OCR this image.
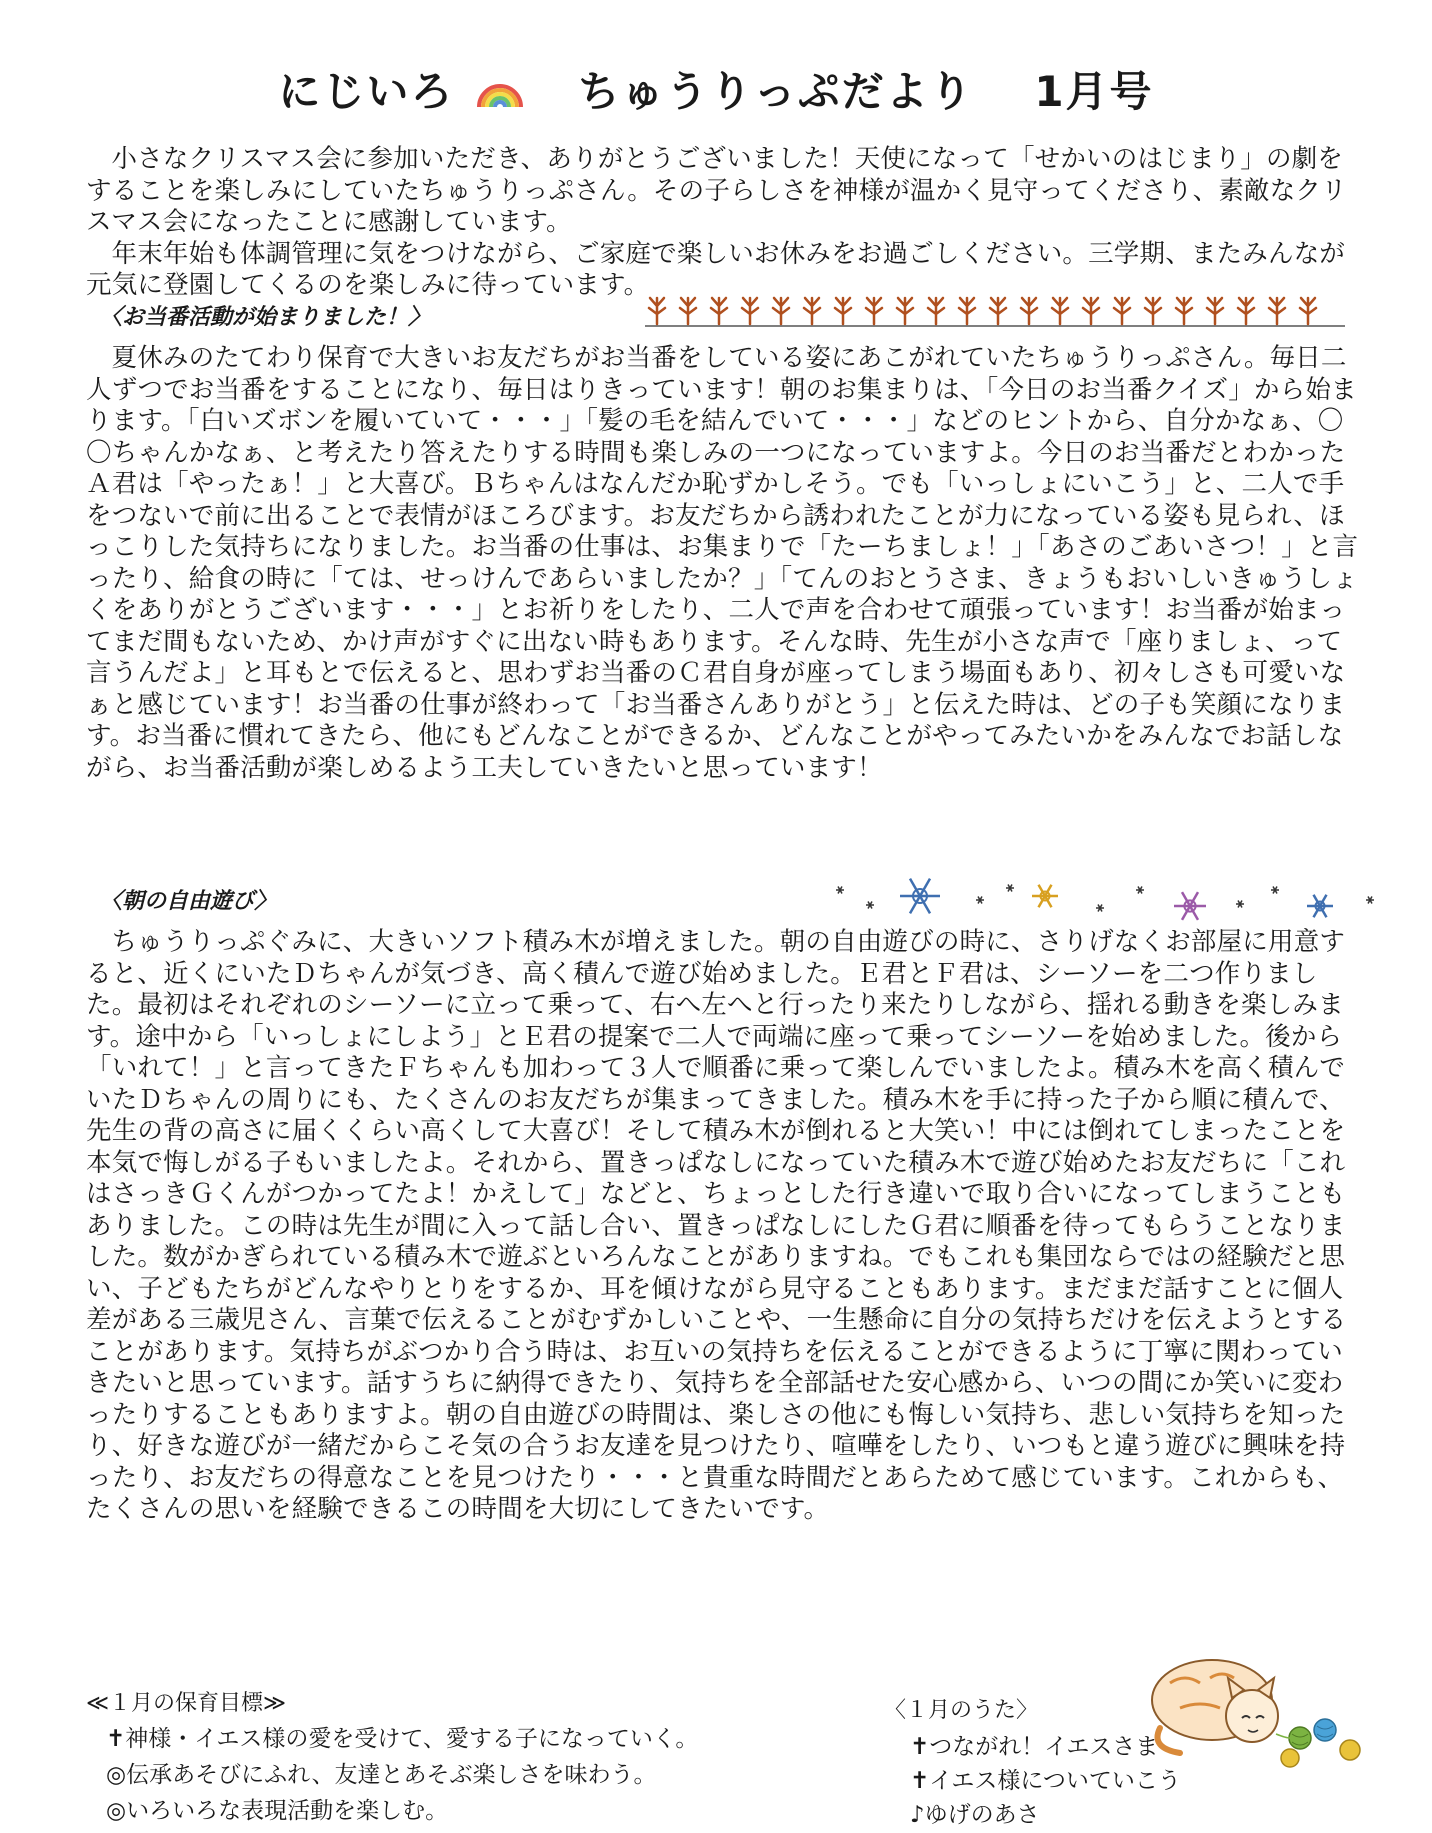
にじいろ	ちゅうりっぷだより 1月号

小さなクリスマス会に参加いただき、ありがとうございました！天使になって「せかいのはじまり」の劇をすることを楽しみにしていたちゅうりっぷさん。その子らしさを神様が温かく見守ってくださり、素敵なクリスマス会になったことに感謝しています。

年末年始も体調管理に気をつけながら、ご家庭で楽しいお休みをお過ごしください。三学期、またみんなが元気に登園してくるのを楽しみに待っています。

〈お当番活動が始まりました！〉

夏休みのたてわり保育で大きいお友だちがお当番をしている姿にあこがれていたちゅうりっぷさん。毎日二人ずつでお当番をすることになり、毎日はりきっています！朝のお集まりは、「今日のお当番クイズ」から始まります。「白いズボンを履いていて・・・」「髪の毛を結んでいて・・・」などのヒントから、自分かなぁ、〇〇ちゃんかなぁ、と考えたり答えたりする時間も楽しみの一つになっていますよ。今日のお当番だとわかったＡ君は「やったぁ！」と大喜び。Ｂちゃんはなんだか恥ずかしそう。でも「いっしょにいこう」と、二人で手をつないで前に出ることで表情がほころびます。お友だちから誘われたことが力になっている姿も見られ、ほっこりした気持ちになりました。お当番の仕事は、お集まりで「たーちましょ！」「あさのごあいさつ！」と言ったり、給食の時に「ては、せっけんであらいましたか？」「てんのおとうさま、きょうもおいしいきゅうしょくをありがとうございます・・・」とお祈りをしたり、二人で声を合わせて頑張っています！お当番が始まってまだ間もないため、かけ声がすぐに出ない時もあります。そんな時、先生が小さな声で「座りましょ、って言うんだよ」と耳もとで伝えると、思わずお当番のＣ君自身が座ってしまう場面もあり、初々しさも可愛いなぁと感じています！お当番の仕事が終わって「お当番さんありがとう」と伝えた時は、どの子も笑顔になります。お当番に慣れてきたら、他にもどんなことができるか、どんなことがやってみたいかをみんなでお話しながら、お当番活動が楽しめるよう工夫していきたいと思っています！

〈朝の自由遊び〉

ちゅうりっぷぐみに、大きいソフト積み木が増えました。朝の自由遊びの時に、さりげなくお部屋に用意すると、近くにいたＤちゃんが気づき、高く積んで遊び始めました。Ｅ君とＦ君は、シーソーを二つ作りました。最初はそれぞれのシーソーに立って乗って、右へ左へと行ったり来たりしながら、揺れる動きを楽しみます。途中から「いっしょにしよう」とＥ君の提案で二人で両端に座って乗ってシーソーを始めました。後から「いれて！」と言ってきたＦちゃんも加わって３人で順番に乗って楽しんでいましたよ。積み木を高く積んでいたＤちゃんの周りにも、たくさんのお友だちが集まってきました。積み木を手に持った子から順に積んで、先生の背の高さに届くくらい高くして大喜び！そして積み木が倒れると大笑い！中には倒れてしまったことを本気で悔しがる子もいましたよ。それから、置きっぱなしになっていた積み木で遊び始めたお友だちに「これはさっきＧくんがつかってたよ！かえして」などと、ちょっとした行き違いで取り合いになってしまうこともありました。この時は先生が間に入って話し合い、置きっぱなしにしたＧ君に順番を待ってもらうことなりました。数がかぎられている積み木で遊ぶといろんなことがありますね。でもこれも集団ならではの経験だと思い、子どもたちがどんなやりとりをするか、耳を傾けながら見守ることもあります。まだまだ話すことに個人差がある三歳児さん、言葉で伝えることがむずかしいことや、一生懸命に自分の気持ちだけを伝えようとすることがあります。気持ちがぶつかり合う時は、お互いの気持ちを伝えることができるように丁寧に関わっていきたいと思っています。話すうちに納得できたり、気持ちを全部話せた安心感から、いつの間にか笑いに変わったりすることもありますよ。朝の自由遊びの時間は、楽しさの他にも悔しい気持ち、悲しい気持ちを知ったり、好きな遊びが一緒だからこそ気の合うお友達を見つけたり、喧嘩をしたり、いつもと違う遊びに興味を持ったり、お友だちの得意なことを見つけたり・・・と貴重な時間だとあらためて感じています。これからも、たくさんの思いを経験できるこの時間を大切にしてきたいです。

≪１月の保育目標≫
✝神様・イエス様の愛を受けて、愛する子になっていく。
◎伝承あそびにふれ、友達とあそぶ楽しさを味わう。
◎いろいろな表現活動を楽しむ。
〈１月のうた〉
✝つながれ！イエスさま
✝イエス様についていこう
♪ゆげのあさ
